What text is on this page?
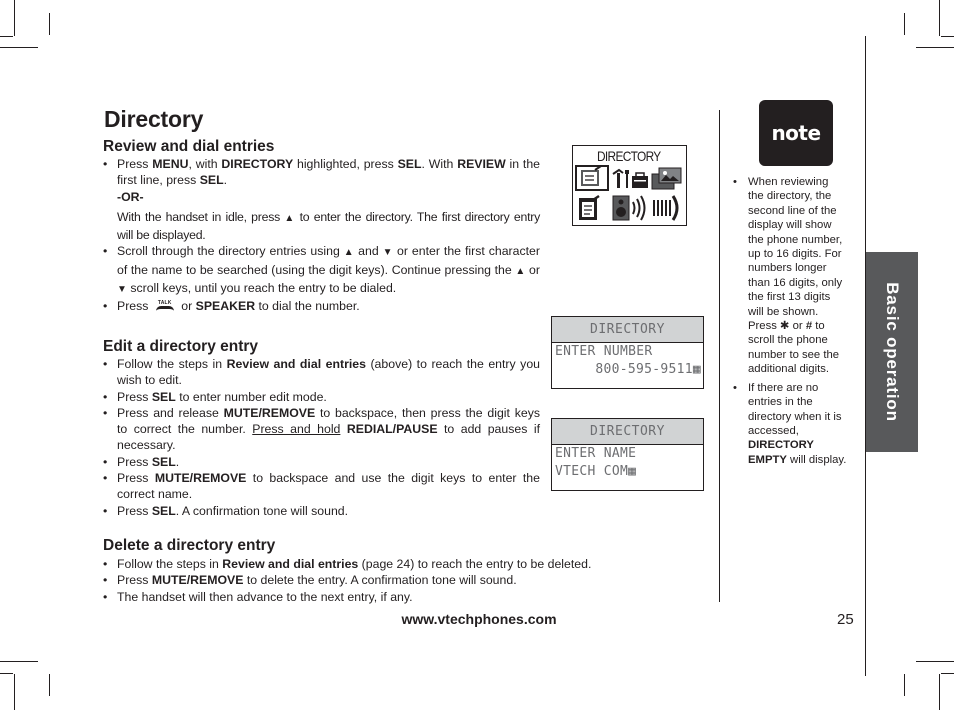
Directory
Review and dial entries
• Press MENU, with DIRECTORY highlighted, press SEL. With REVIEW in the first line, press SEL.
-OR-
With the handset in idle, press ▲ to enter the directory. The first directory entry will be displayed.
• Scroll through the directory entries using ▲ and ▼ or enter the first character of the name to be searched (using the digit keys). Continue pressing the ▲ or ▼ scroll keys, until you reach the entry to be dialed.
• Press TALK or SPEAKER to dial the number.
Edit a directory entry
• Follow the steps in Review and dial entries (above) to reach the entry you wish to edit.
• Press SEL to enter number edit mode.
• Press and release MUTE/REMOVE to backspace, then press the digit keys to correct the number. Press and hold REDIAL/PAUSE to add pauses if necessary.
• Press SEL.
• Press MUTE/REMOVE to backspace and use the digit keys to enter the correct name.
• Press SEL. A confirmation tone will sound.
Delete a directory entry
• Follow the steps in Review and dial entries (page 24) to reach the entry to be deleted.
• Press MUTE/REMOVE to delete the entry. A confirmation tone will sound.
• The handset will then advance to the next entry, if any.
DIRECTORY
DIRECTORY
ENTER NUMBER
800-595-9511▦
DIRECTORY
ENTER NAME
VTECH COM▦
note
• When reviewing the directory, the second line of the display will show the phone number, up to 16 digits. For numbers longer than 16 digits, only the first 13 digits will be shown. Press ✱ or # to scroll the phone number to see the additional digits.
• If there are no entries in the directory when it is accessed, DIRECTORY EMPTY will display.
Basic operation
www.vtechphones.com	25
